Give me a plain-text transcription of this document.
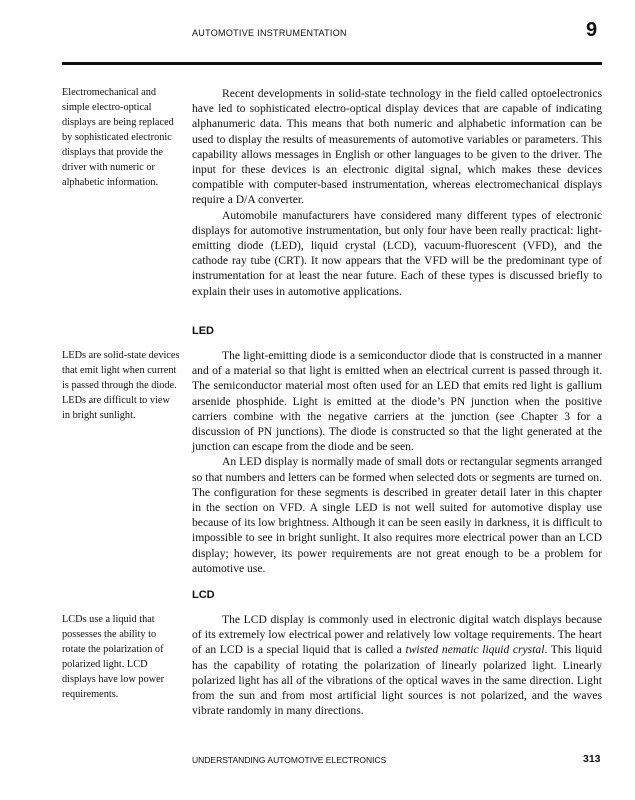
AUTOMOTIVE INSTRUMENTATION	9
Electromechanical and simple electro-optical displays are being replaced by sophisticated electronic displays that provide the driver with numeric or alphabetic information.
LEDs are solid-state devices that emit light when current is passed through the diode. LEDs are difficult to view in bright sunlight.
LCDs use a liquid that possesses the ability to rotate the polarization of polarized light. LCD displays have low power requirements.

Recent developments in solid-state technology in the field called optoelectronics have led to sophisticated electro-optical display devices that are capable of indicating alphanumeric data. This means that both numeric and alphabetic information can be used to display the results of measurements of automotive variables or parameters. This capability allows messages in English or other languages to be given to the driver. The input for these devices is an electronic digital signal, which makes these devices compatible with computer-based instrumentation, whereas electromechanical displays require a D/A converter.

Automobile manufacturers have considered many different types of electronic displays for automotive instrumentation, but only four have been really practical: light-emitting diode (LED), liquid crystal (LCD), vacuum-fluorescent (VFD), and the cathode ray tube (CRT). It now appears that the VFD will be the predominant type of instrumentation for at least the near future. Each of these types is discussed briefly to explain their uses in automotive applications.

LED

The light-emitting diode is a semiconductor diode that is constructed in a manner and of a material so that light is emitted when an electrical current is passed through it. The semiconductor material most often used for an LED that emits red light is gallium arsenide phosphide. Light is emitted at the diode’s PN junction when the positive carriers combine with the negative carriers at the junction (see Chapter 3 for a discussion of PN junctions). The diode is constructed so that the light generated at the junction can escape from the diode and be seen.

An LED display is normally made of small dots or rectangular segments arranged so that numbers and letters can be formed when selected dots or segments are turned on. The configuration for these segments is described in greater detail later in this chapter in the section on VFD. A single LED is not well suited for automotive display use because of its low brightness. Although it can be seen easily in darkness, it is difficult to impossible to see in bright sunlight. It also requires more electrical power than an LCD display; however, its power requirements are not great enough to be a problem for automotive use.

LCD

The LCD display is commonly used in electronic digital watch displays because of its extremely low electrical power and relatively low voltage requirements. The heart of an LCD is a special liquid that is called a twisted nematic liquid crystal. This liquid has the capability of rotating the polarization of linearly polarized light. Linearly polarized light has all of the vibrations of the optical waves in the same direction. Light from the sun and from most artificial light sources is not polarized, and the waves vibrate randomly in many directions.

UNDERSTANDING AUTOMOTIVE ELECTRONICS	313
